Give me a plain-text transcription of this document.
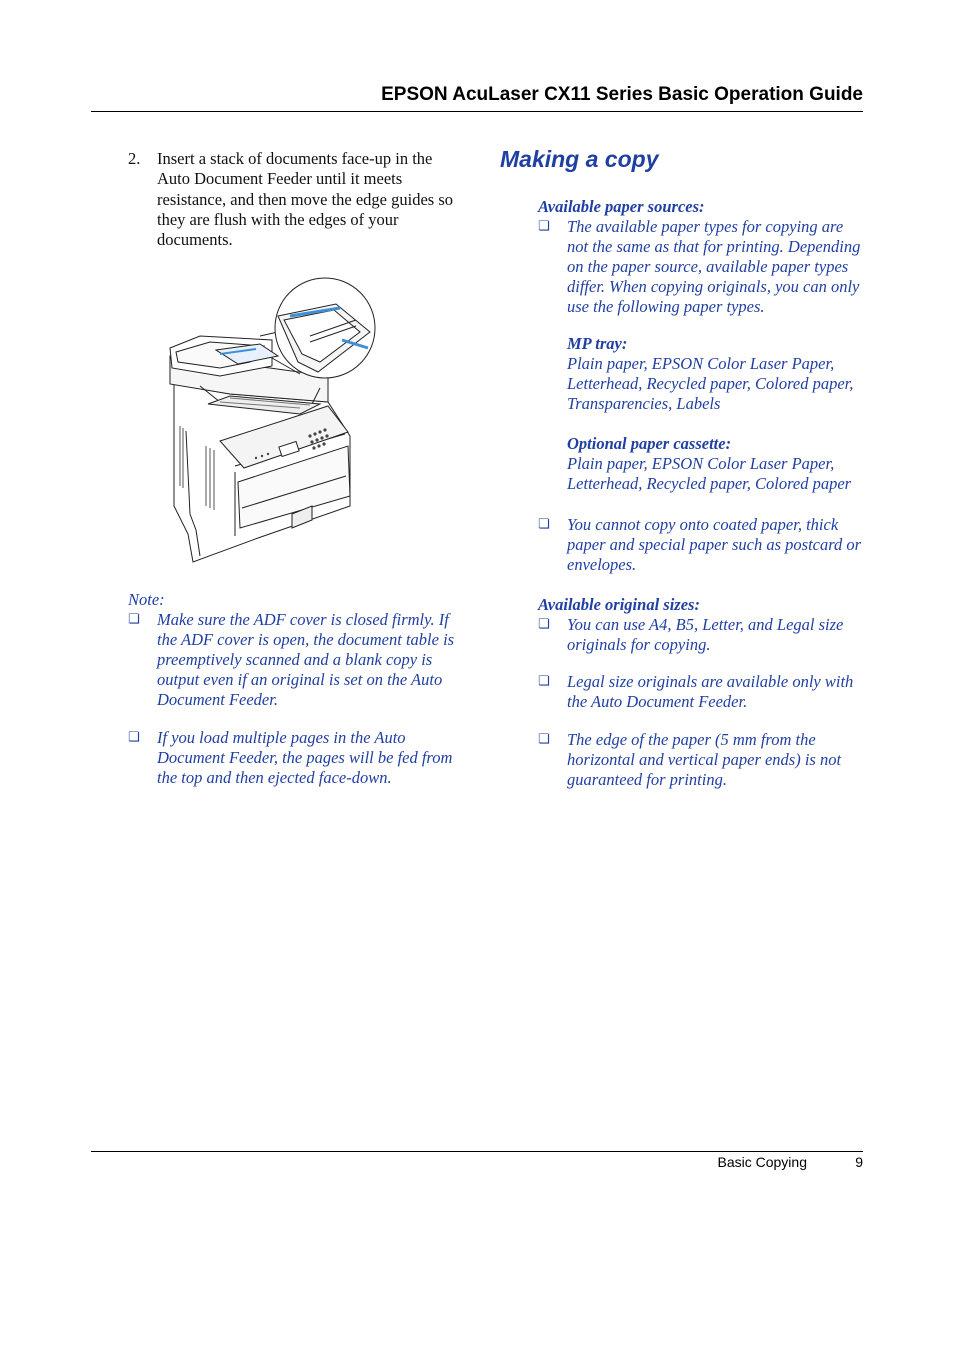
EPSON AcuLaser CX11 Series Basic Operation Guide
2. Insert a stack of documents face-up in the Auto Document Feeder until it meets resistance, and then move the edge guides so they are flush with the edges of your documents.
Note:
❏ Make sure the ADF cover is closed firmly. If the ADF cover is open, the document table is preemptively scanned and a blank copy is output even if an original is set on the Auto Document Feeder.
❏ If you load multiple pages in the Auto Document Feeder, the pages will be fed from the top and then ejected face-down.
Making a copy
Available paper sources:
❏ The available paper types for copying are not the same as that for printing. Depending on the paper source, available paper types differ. When copying originals, you can only use the following paper types.
MP tray:
Plain paper, EPSON Color Laser Paper, Letterhead, Recycled paper, Colored paper, Transparencies, Labels
Optional paper cassette:
Plain paper, EPSON Color Laser Paper, Letterhead, Recycled paper, Colored paper
❏ You cannot copy onto coated paper, thick paper and special paper such as postcard or envelopes.
Available original sizes:
❏ You can use A4, B5, Letter, and Legal size originals for copying.
❏ Legal size originals are available only with the Auto Document Feeder.
❏ The edge of the paper (5 mm from the horizontal and vertical paper ends) is not guaranteed for printing.
Basic Copying	9
